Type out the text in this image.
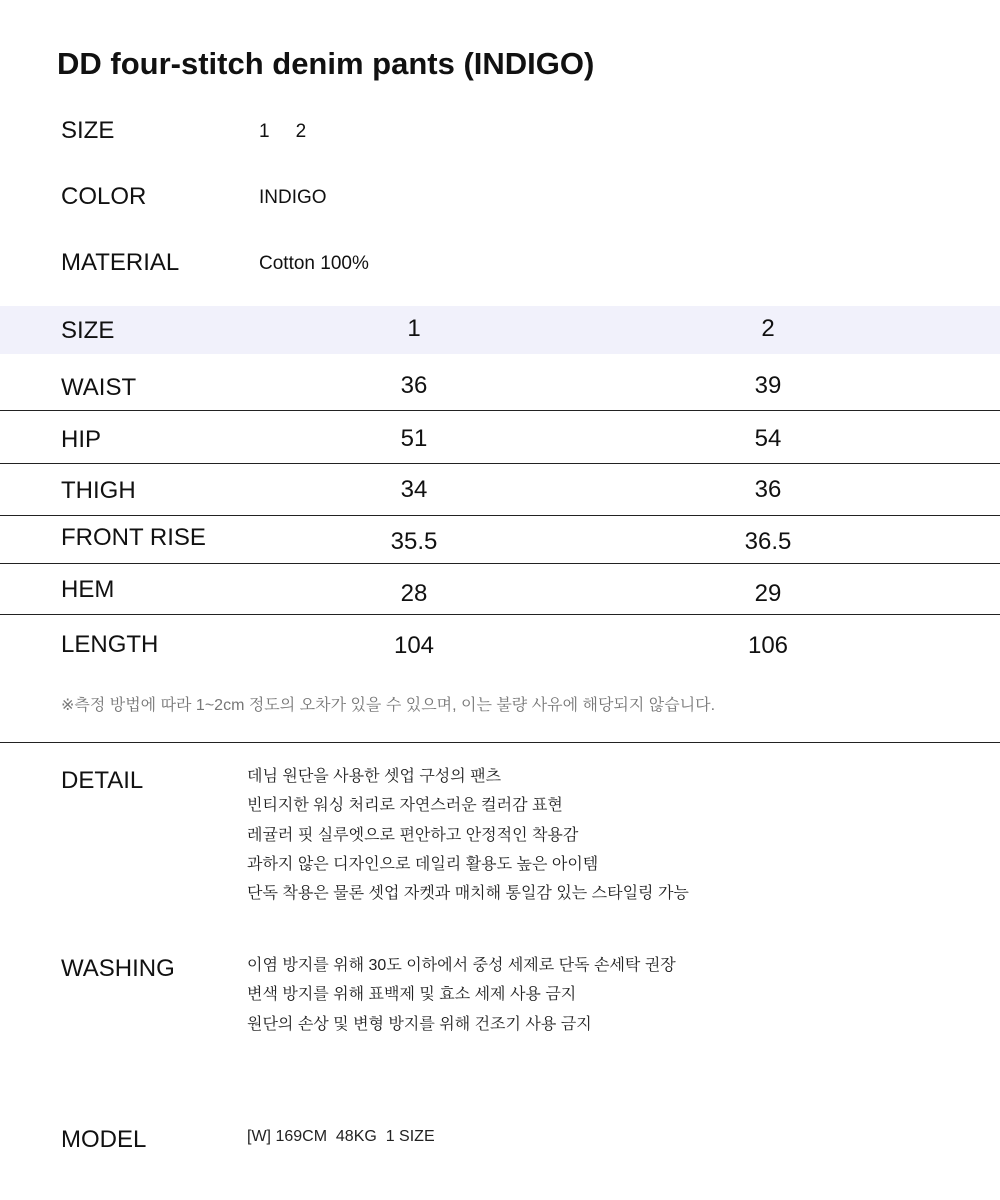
DD four-stitch denim pants (INDIGO)
SIZE	1 2
COLOR	INDIGO
MATERIAL	Cotton 100%
SIZE	1	2
WAIST	36	39
HIP	51	54
THIGH	34	36
FRONT RISE	35.5	36.5
HEM	28	29
LENGTH	104	106
※측정 방법에 따라 1~2cm 정도의 오차가 있을 수 있으며, 이는 불량 사유에 해당되지 않습니다.
DETAIL	데님 원단을 사용한 셋업 구성의 팬츠
빈티지한 워싱 처리로 자연스러운 컬러감 표현
레귤러 핏 실루엣으로 편안하고 안정적인 착용감
과하지 않은 디자인으로 데일리 활용도 높은 아이템
단독 착용은 물론 셋업 자켓과 매치해 통일감 있는 스타일링 가능
WASHING	이염 방지를 위해 30도 이하에서 중성 세제로 단독 손세탁 권장
변색 방지를 위해 표백제 및 효소 세제 사용 금지
원단의 손상 및 변형 방지를 위해 건조기 사용 금지
MODEL	[W] 169CM  48KG  1 SIZE
